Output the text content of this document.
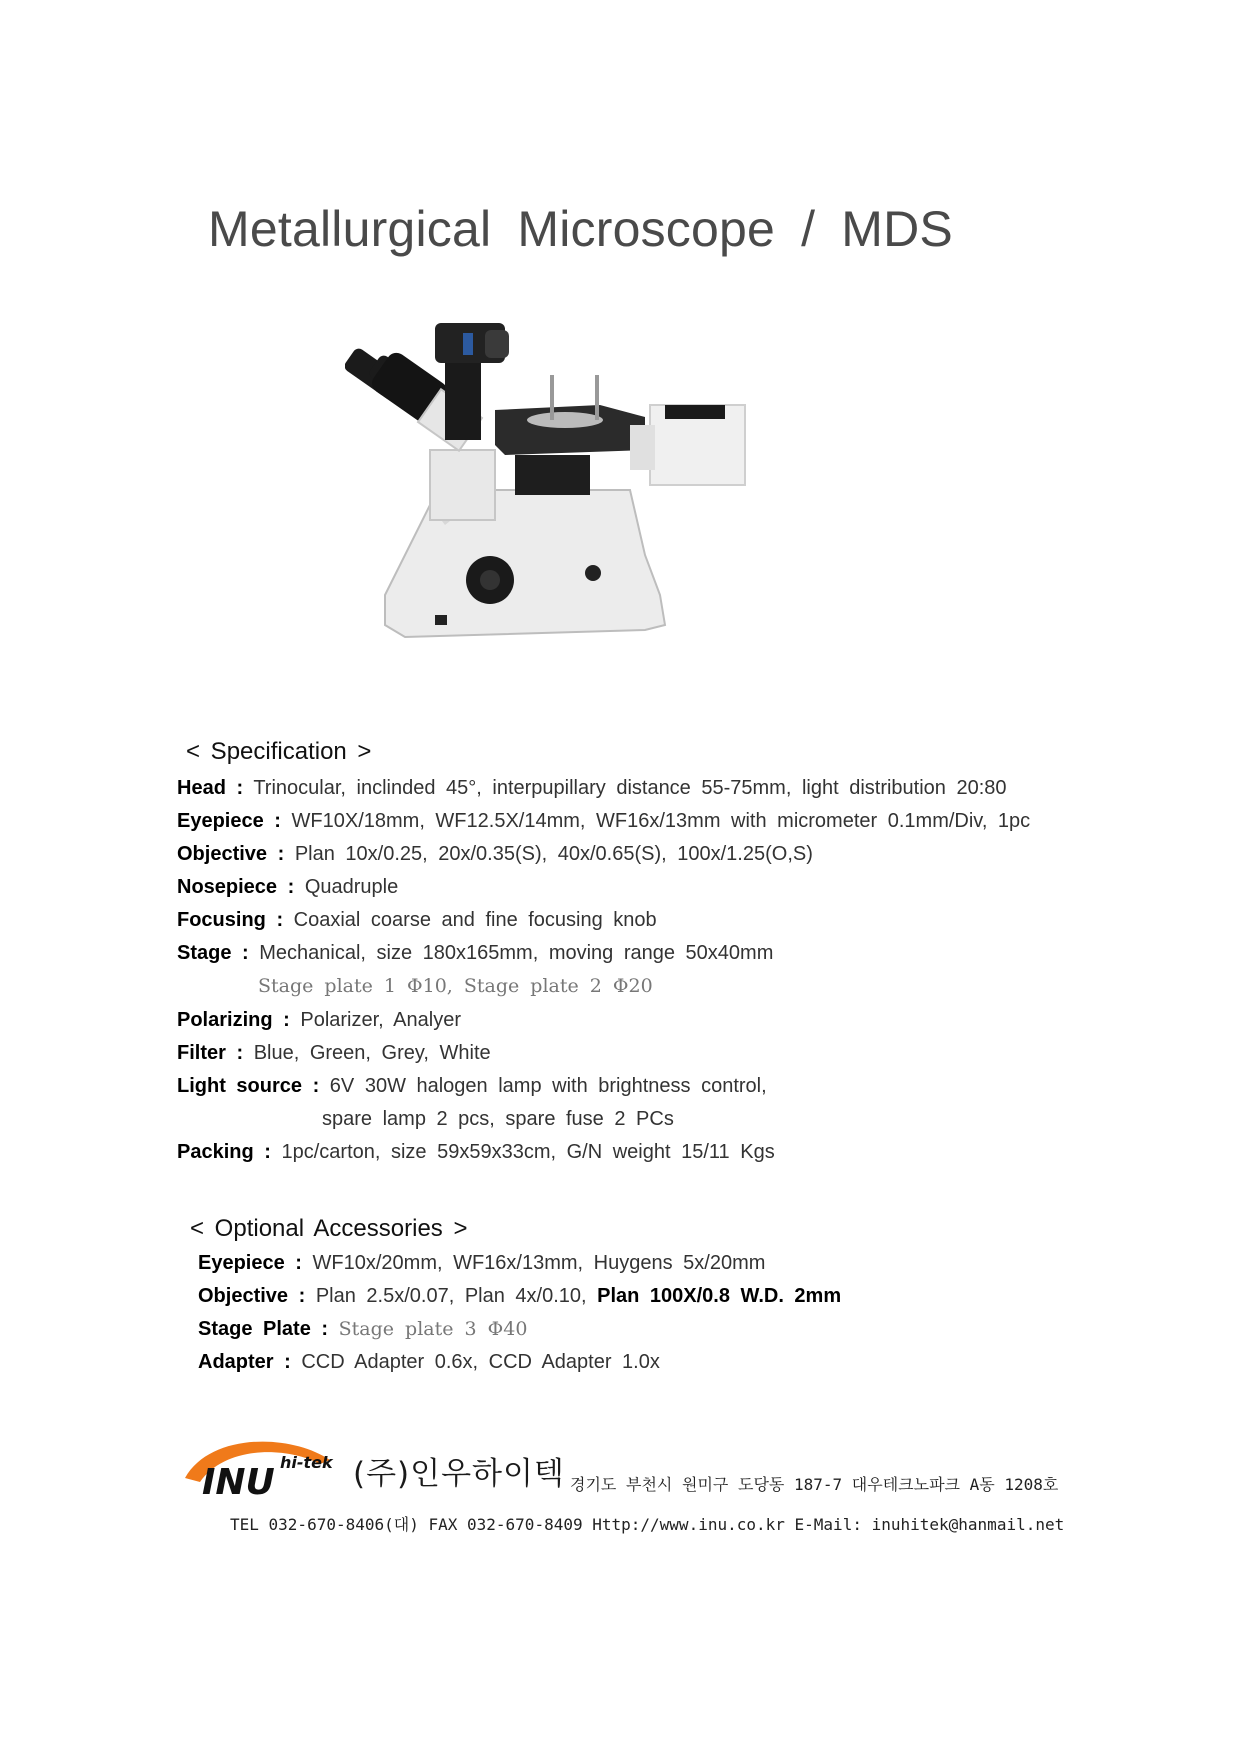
Metallurgical Microscope / MDS
< Specification >
Head : Trinocular, inclinded 45°, interpupillary distance 55-75mm, light distribution 20:80
Eyepiece : WF10X/18mm, WF12.5X/14mm, WF16x/13mm with micrometer 0.1mm/Div, 1pc
Objective : Plan 10x/0.25, 20x/0.35(S), 40x/0.65(S), 100x/1.25(O,S)
Nosepiece : Quadruple
Focusing : Coaxial coarse and fine focusing knob
Stage : Mechanical, size 180x165mm, moving range 50x40mm
Stage plate 1 Φ10, Stage plate 2 Φ20
Polarizing : Polarizer, Analyer
Filter : Blue, Green, Grey, White
Light source : 6V 30W halogen lamp with brightness control,
spare lamp 2 pcs, spare fuse 2 PCs
Packing : 1pc/carton, size 59x59x33cm, G/N weight 15/11 Kgs
< Optional Accessories >
Eyepiece : WF10x/20mm, WF16x/13mm, Huygens 5x/20mm
Objective : Plan 2.5x/0.07, Plan 4x/0.10, Plan 100X/0.8 W.D. 2mm
Stage Plate : Stage plate 3 Φ40
Adapter : CCD Adapter 0.6x, CCD Adapter 1.0x
INU hi-tek (주)인우하이텍 경기도 부천시 원미구 도당동 187-7 대우테크노파크 A동 1208호
TEL 032-670-8406(대) FAX 032-670-8409 Http://www.inu.co.kr E-Mail: inuhitek@hanmail.net
